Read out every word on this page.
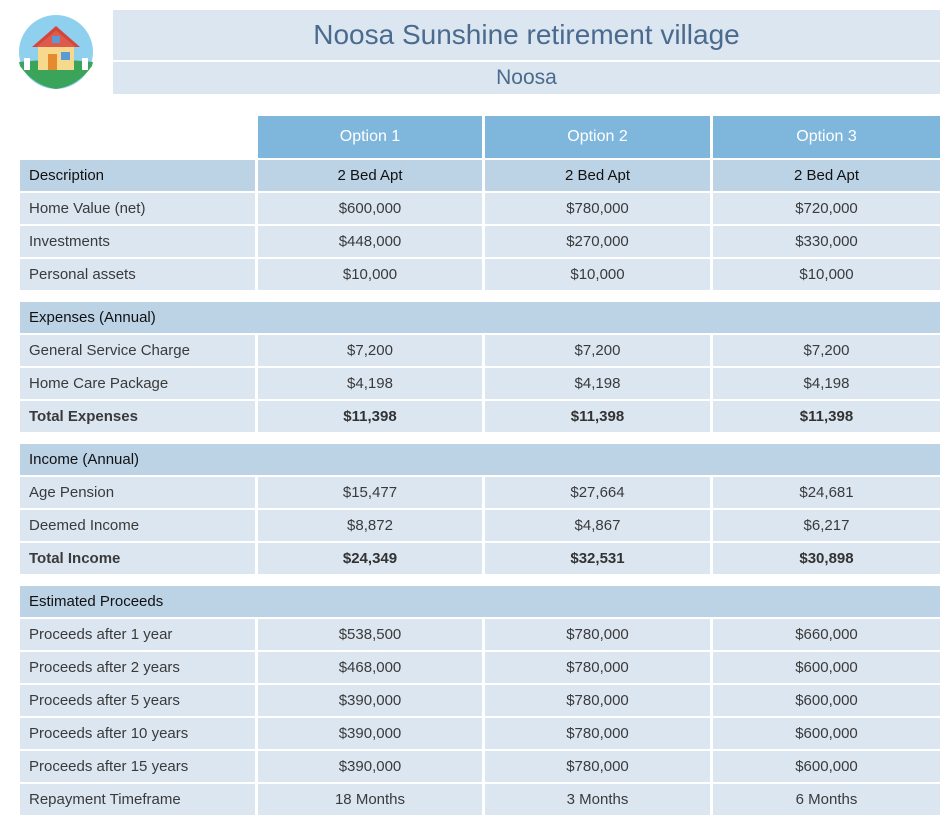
Noosa Sunshine retirement village
Noosa
Option 1	Option 2	Option 3
Description	2 Bed Apt	2 Bed Apt	2 Bed Apt
Home Value (net)	$600,000	$780,000	$720,000
Investments	$448,000	$270,000	$330,000
Personal assets	$10,000	$10,000	$10,000
Expenses (Annual)
General Service Charge	$7,200	$7,200	$7,200
Home Care Package	$4,198	$4,198	$4,198
Total Expenses	$11,398	$11,398	$11,398
Income (Annual)
Age Pension	$15,477	$27,664	$24,681
Deemed Income	$8,872	$4,867	$6,217
Total Income	$24,349	$32,531	$30,898
Estimated Proceeds
Proceeds after 1 year	$538,500	$780,000	$660,000
Proceeds after 2 years	$468,000	$780,000	$600,000
Proceeds after 5 years	$390,000	$780,000	$600,000
Proceeds after 10 years	$390,000	$780,000	$600,000
Proceeds after 15 years	$390,000	$780,000	$600,000
Repayment Timeframe	18 Months	3 Months	6 Months
